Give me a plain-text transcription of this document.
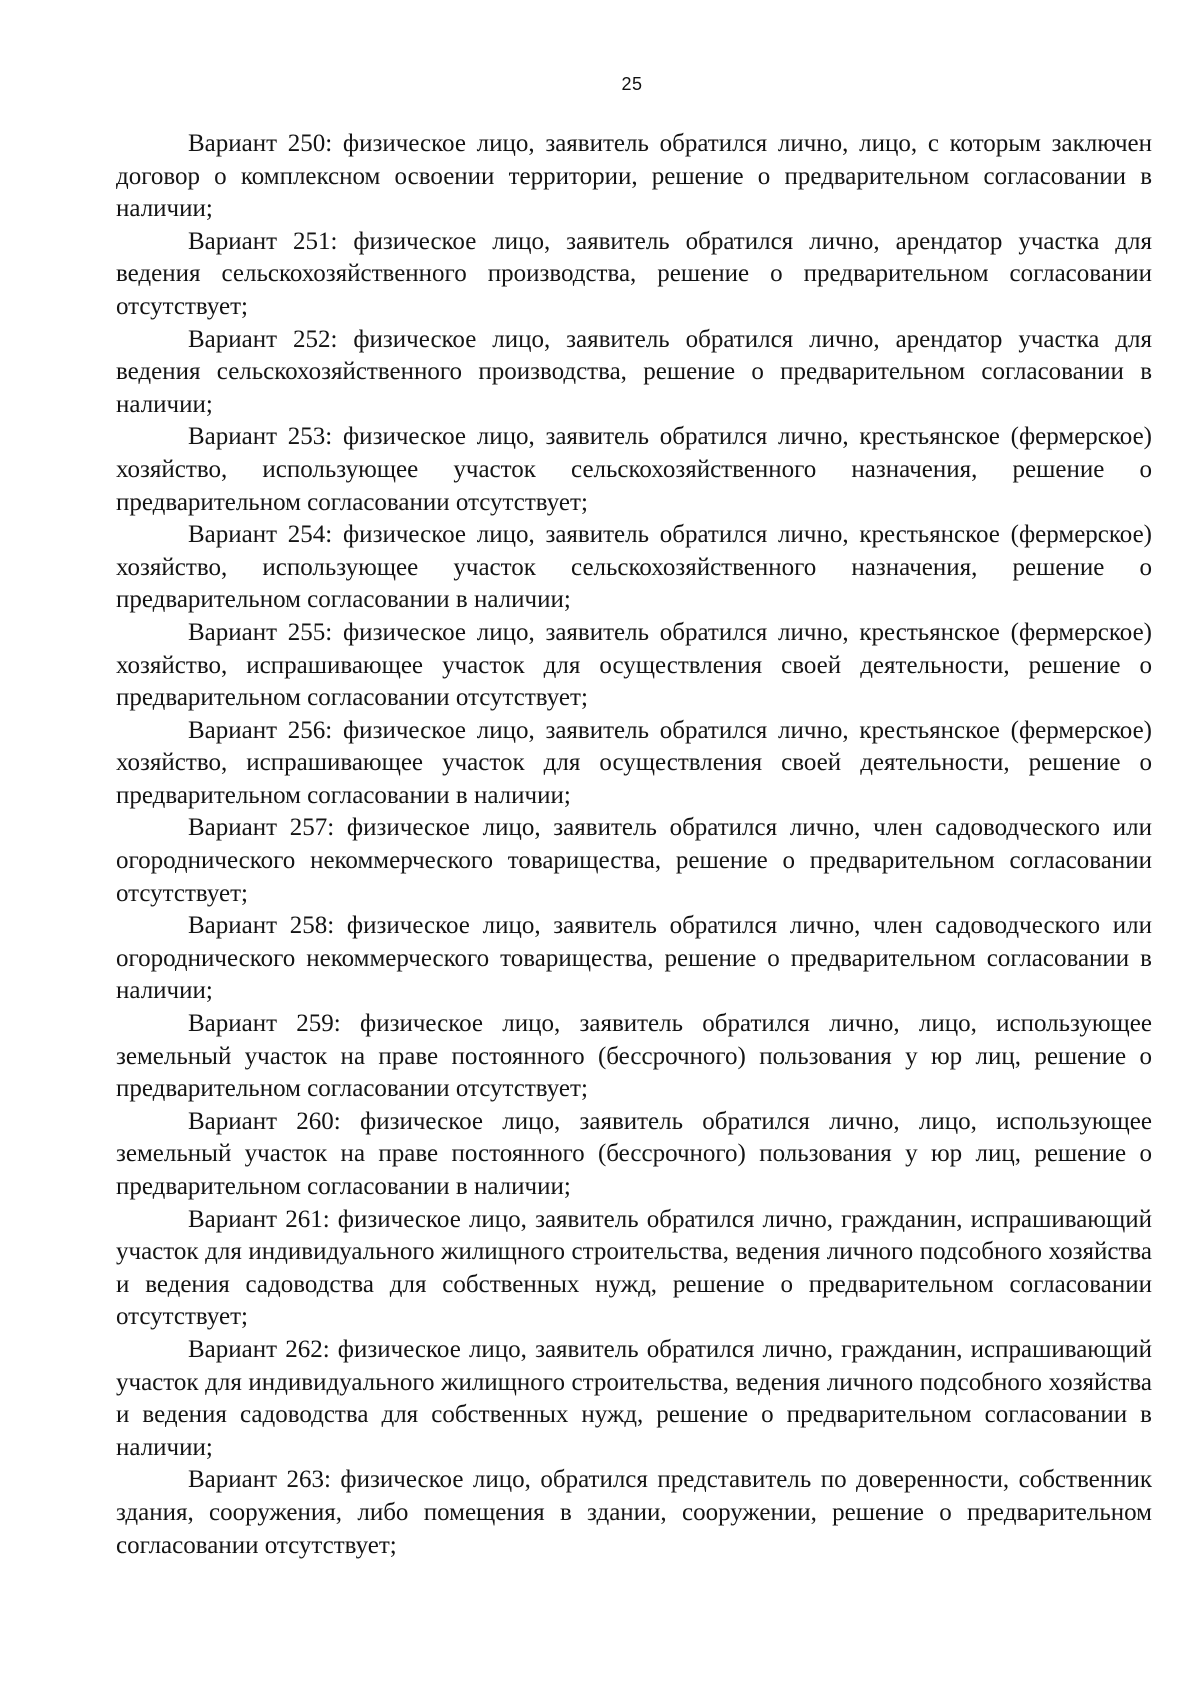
25

Вариант 250: физическое лицо, заявитель обратился лично, лицо, с которым заключен договор о комплексном освоении территории, решение о предварительном согласовании в наличии;

Вариант 251: физическое лицо, заявитель обратился лично, арендатор участка для ведения сельскохозяйственного производства, решение о предварительном согласовании отсутствует;

Вариант 252: физическое лицо, заявитель обратился лично, арендатор участка для ведения сельскохозяйственного производства, решение о предварительном согласовании в наличии;

Вариант 253: физическое лицо, заявитель обратился лично, крестьянское (фермерское) хозяйство, использующее участок сельскохозяйственного назначения, решение о предварительном согласовании отсутствует;

Вариант 254: физическое лицо, заявитель обратился лично, крестьянское (фермерское) хозяйство, использующее участок сельскохозяйственного назначения, решение о предварительном согласовании в наличии;

Вариант 255: физическое лицо, заявитель обратился лично, крестьянское (фермерское) хозяйство, испрашивающее участок для осуществления своей деятельности, решение о предварительном согласовании отсутствует;

Вариант 256: физическое лицо, заявитель обратился лично, крестьянское (фермерское) хозяйство, испрашивающее участок для осуществления своей деятельности, решение о предварительном согласовании в наличии;

Вариант 257: физическое лицо, заявитель обратился лично, член садоводческого или огороднического некоммерческого товарищества, решение о предварительном согласовании отсутствует;

Вариант 258: физическое лицо, заявитель обратился лично, член садоводческого или огороднического некоммерческого товарищества, решение о предварительном согласовании в наличии;

Вариант 259: физическое лицо, заявитель обратился лично, лицо, использующее земельный участок на праве постоянного (бессрочного) пользования у юр лиц, решение о предварительном согласовании отсутствует;

Вариант 260: физическое лицо, заявитель обратился лично, лицо, использующее земельный участок на праве постоянного (бессрочного) пользования у юр лиц, решение о предварительном согласовании в наличии;

Вариант 261: физическое лицо, заявитель обратился лично, гражданин, испрашивающий участок для индивидуального жилищного строительства, ведения личного подсобного хозяйства и ведения садоводства для собственных нужд, решение о предварительном согласовании отсутствует;

Вариант 262: физическое лицо, заявитель обратился лично, гражданин, испрашивающий участок для индивидуального жилищного строительства, ведения личного подсобного хозяйства и ведения садоводства для собственных нужд, решение о предварительном согласовании в наличии;

Вариант 263: физическое лицо, обратился представитель по доверенности, собственник здания, сооружения, либо помещения в здании, сооружении, решение о предварительном согласовании отсутствует;
